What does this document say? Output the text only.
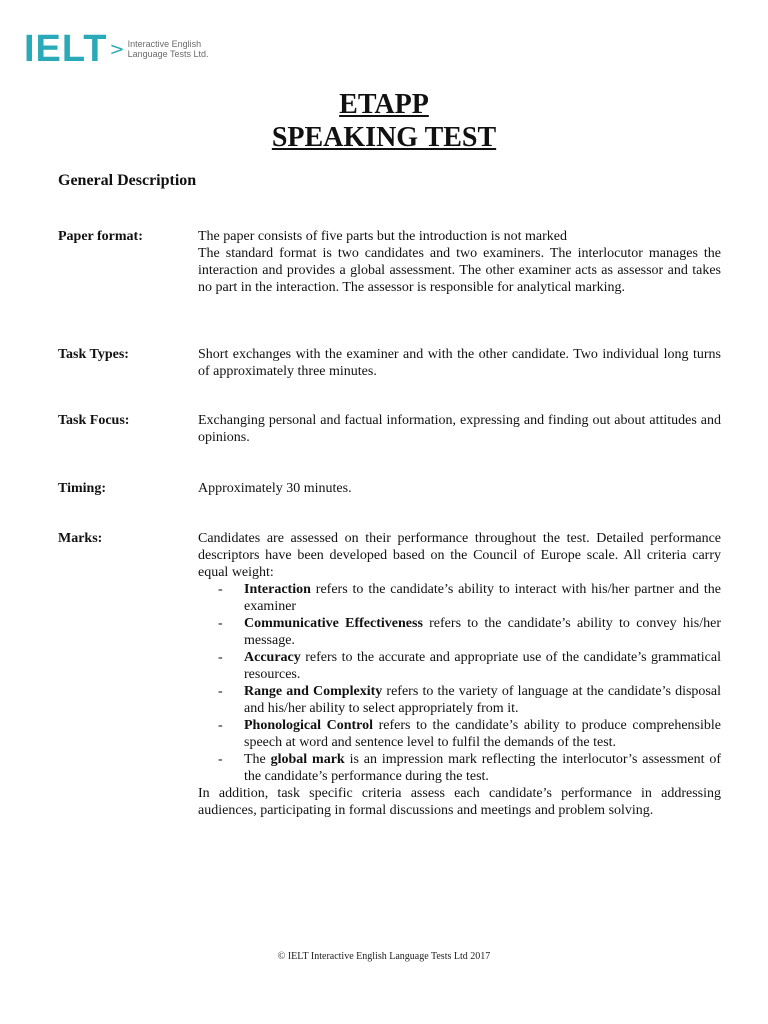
IELT > Interactive English
Language Tests Ltd.
ETAPP
SPEAKING TEST
General Description
Paper format:	The paper consists of five parts but the introduction is not marked
The standard format is two candidates and two examiners. The interlocutor manages the interaction and provides a global assessment. The other examiner acts as assessor and takes no part in the interaction. The assessor is responsible for analytical marking.
Task Types:	Short exchanges with the examiner and with the other candidate. Two individual long turns of approximately three minutes.
Task Focus:	Exchanging personal and factual information, expressing and finding out about attitudes and opinions.
Timing:	Approximately 30 minutes.
Marks:	Candidates are assessed on their performance throughout the test. Detailed performance descriptors have been developed based on the Council of Europe scale. All criteria carry equal weight:
- Interaction refers to the candidate’s ability to interact with his/her partner and the examiner
- Communicative Effectiveness refers to the candidate’s ability to convey his/her message.
- Accuracy refers to the accurate and appropriate use of the candidate’s grammatical resources.
- Range and Complexity refers to the variety of language at the candidate’s disposal and his/her ability to select appropriately from it.
- Phonological Control refers to the candidate’s ability to produce comprehensible speech at word and sentence level to fulfil the demands of the test.
- The global mark is an impression mark reflecting the interlocutor’s assessment of the candidate’s performance during the test.
In addition, task specific criteria assess each candidate’s performance in addressing audiences, participating in formal discussions and meetings and problem solving.
© IELT Interactive English Language Tests Ltd 2017
